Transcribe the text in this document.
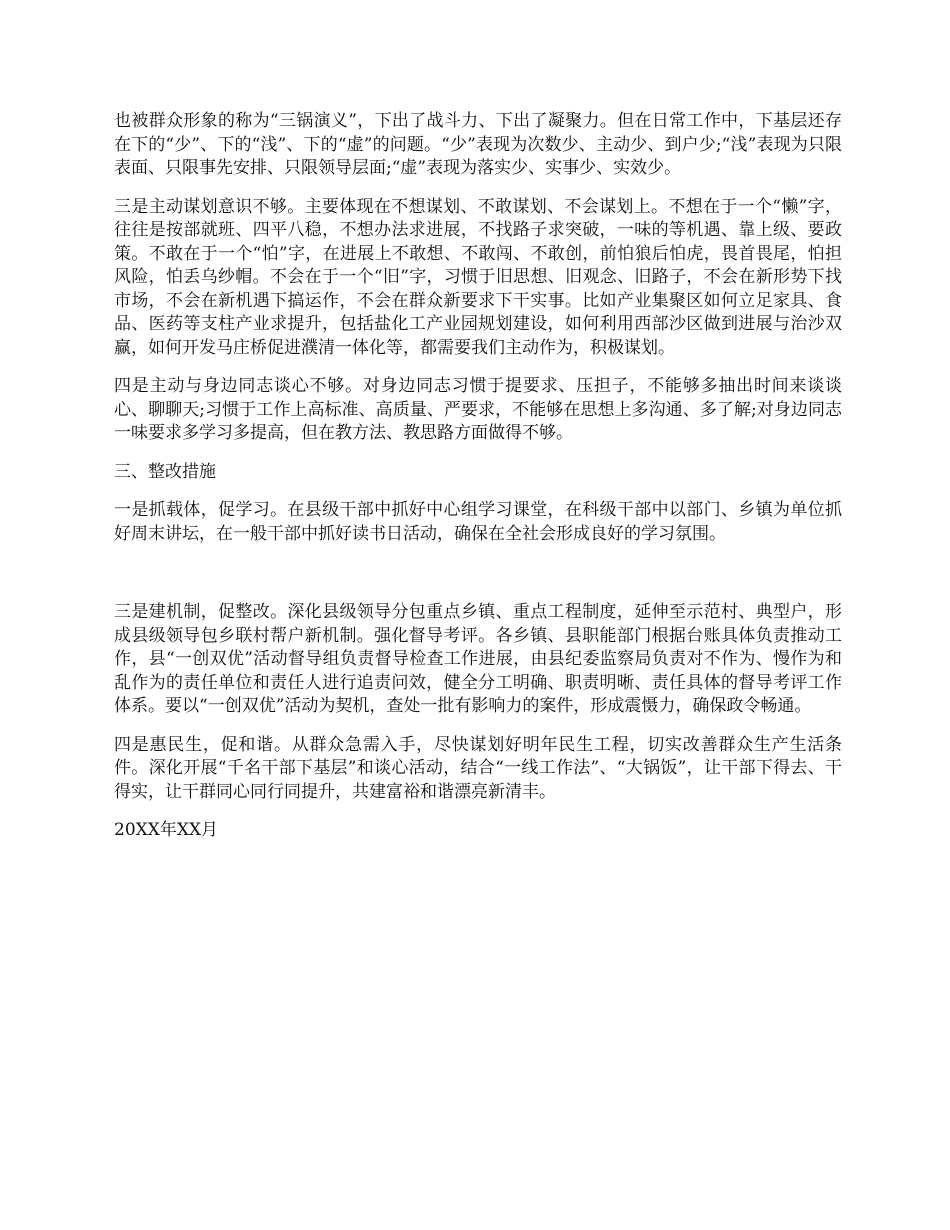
也被群众形象的称为“三锅演义”，下出了战斗力、下出了凝聚力。但在日常工作中，下基层还存在下的“少”、下的“浅”、下的“虚”的问题。“少”表现为次数少、主动少、到户少;“浅”表现为只限表面、只限事先安排、只限领导层面;“虚”表现为落实少、实事少、实效少。

三是主动谋划意识不够。主要体现在不想谋划、不敢谋划、不会谋划上。不想在于一个“懒”字，往往是按部就班、四平八稳，不想办法求进展，不找路子求突破，一味的等机遇、靠上级、要政策。不敢在于一个“怕”字，在进展上不敢想、不敢闯、不敢创，前怕狼后怕虎，畏首畏尾，怕担风险，怕丢乌纱帽。不会在于一个“旧”字，习惯于旧思想、旧观念、旧路子，不会在新形势下找市场，不会在新机遇下搞运作，不会在群众新要求下干实事。比如产业集聚区如何立足家具、食品、医药等支柱产业求提升，包括盐化工产业园规划建设，如何利用西部沙区做到进展与治沙双赢，如何开发马庄桥促进濮清一体化等，都需要我们主动作为，积极谋划。

四是主动与身边同志谈心不够。对身边同志习惯于提要求、压担子，不能够多抽出时间来谈谈心、聊聊天;习惯于工作上高标准、高质量、严要求，不能够在思想上多沟通、多了解;对身边同志一味要求多学习多提高，但在教方法、教思路方面做得不够。

三、整改措施

一是抓载体，促学习。在县级干部中抓好中心组学习课堂，在科级干部中以部门、乡镇为单位抓好周末讲坛，在一般干部中抓好读书日活动，确保在全社会形成良好的学习氛围。

三是建机制，促整改。深化县级领导分包重点乡镇、重点工程制度，延伸至示范村、典型户，形成县级领导包乡联村帮户新机制。强化督导考评。各乡镇、县职能部门根据台账具体负责推动工作，县“一创双优”活动督导组负责督导检查工作进展，由县纪委监察局负责对不作为、慢作为和乱作为的责任单位和责任人进行追责问效，健全分工明确、职责明晰、责任具体的督导考评工作体系。要以“一创双优”活动为契机，查处一批有影响力的案件，形成震慑力，确保政令畅通。

四是惠民生，促和谐。从群众急需入手，尽快谋划好明年民生工程，切实改善群众生产生活条件。深化开展“千名干部下基层”和谈心活动，结合“一线工作法”、“大锅饭”，让干部下得去、干得实，让干群同心同行同提升，共建富裕和谐漂亮新清丰。

20XX年XX月
